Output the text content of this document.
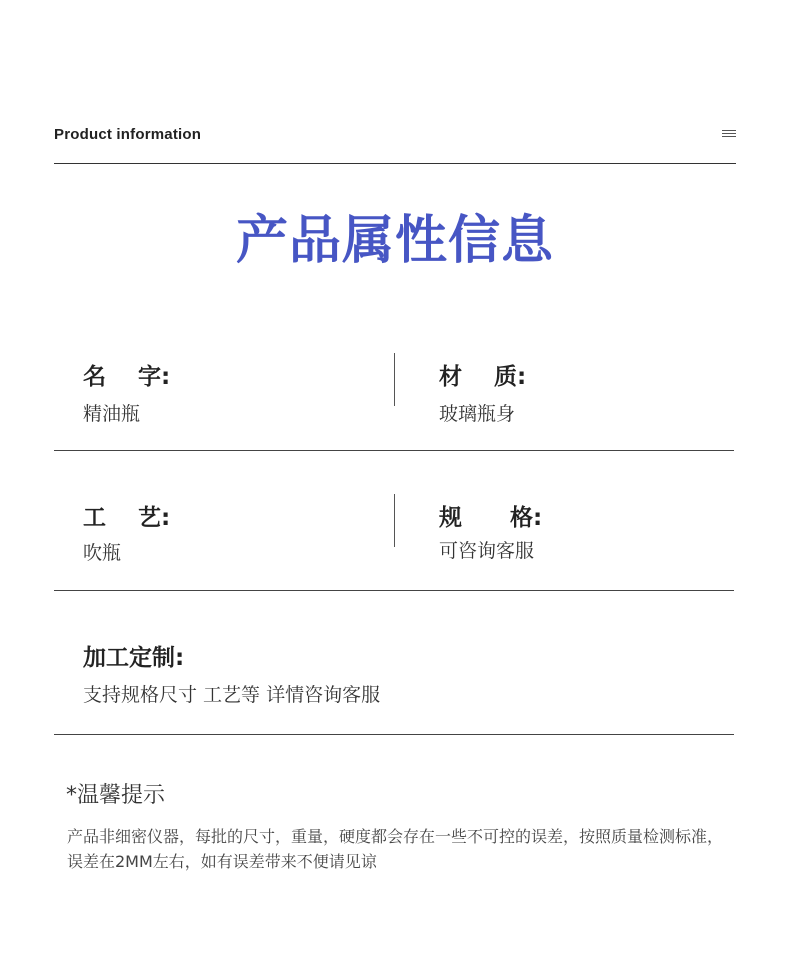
Product information
产品属性信息
名    字:
精油瓶
材    质:
玻璃瓶身
工    艺:
吹瓶
规      格:
可咨询客服
加工定制:
支持规格尺寸 工艺等 详情咨询客服
*温馨提示
产品非细密仪器，每批的尺寸，重量，硬度都会存在一些不可控的误差，按照质量检测标准，误差在2MM左右，如有误差带来不便请见谅
